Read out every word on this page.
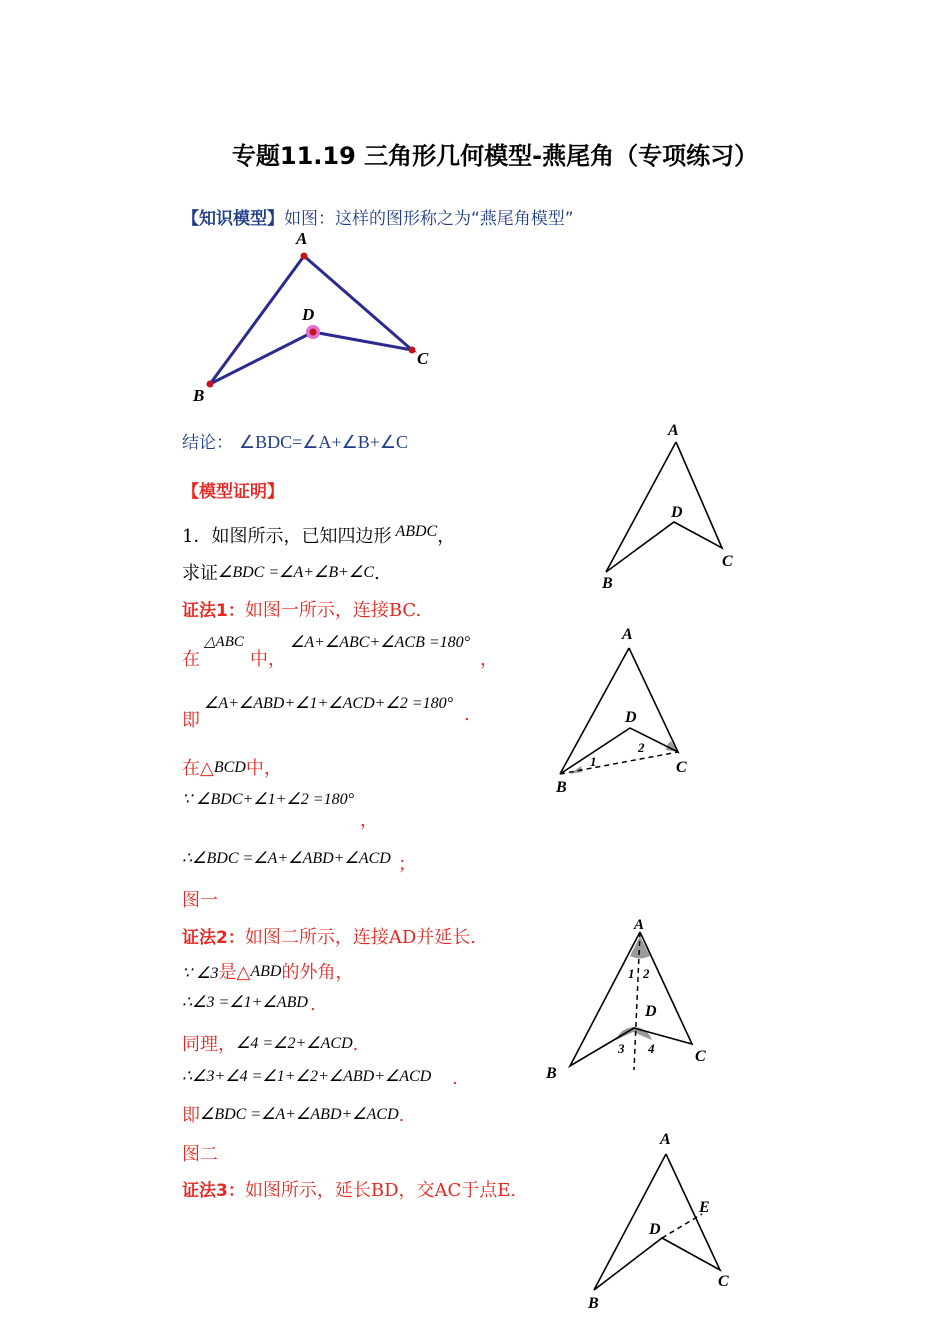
专题11.19 三角形几何模型-燕尾角（专项练习）
【知识模型】如图：这样的图形称之为“燕尾角模型”
A
D
C
B
结论： ∠BDC=∠A+∠B+∠C
A
D
C
B
【模型证明】
1．如图所示，已知四边形 ABDC，
求证∠BDC =∠A+∠B+∠C.
证法1：如图一所示，连接BC.
在
△ABC
中，
∠A+∠ABC+∠ACB =180°
，
即
∠A+∠ABD+∠1+∠ACD+∠2 =180°
.
在△BCD中，
∵ ∠BDC+∠1+∠2 =180°
，
∴∠BDC =∠A+∠ABD+∠ACD ；
图一
A
D
C
B
1
2
证法2：如图二所示，连接AD并延长.
∵ ∠3是△ABD的外角，
∴∠3 =∠1+∠ABD .
同理，∠4 =∠2+∠ACD.
∴∠3+∠4 =∠1+∠2+∠ABD+∠ACD .
即∠BDC =∠A+∠ABD+∠ACD.
图二
A
D
C
B
1 2
3 4
证法3：如图所示，延长BD，交AC于点E.
A
E
D
C
B
